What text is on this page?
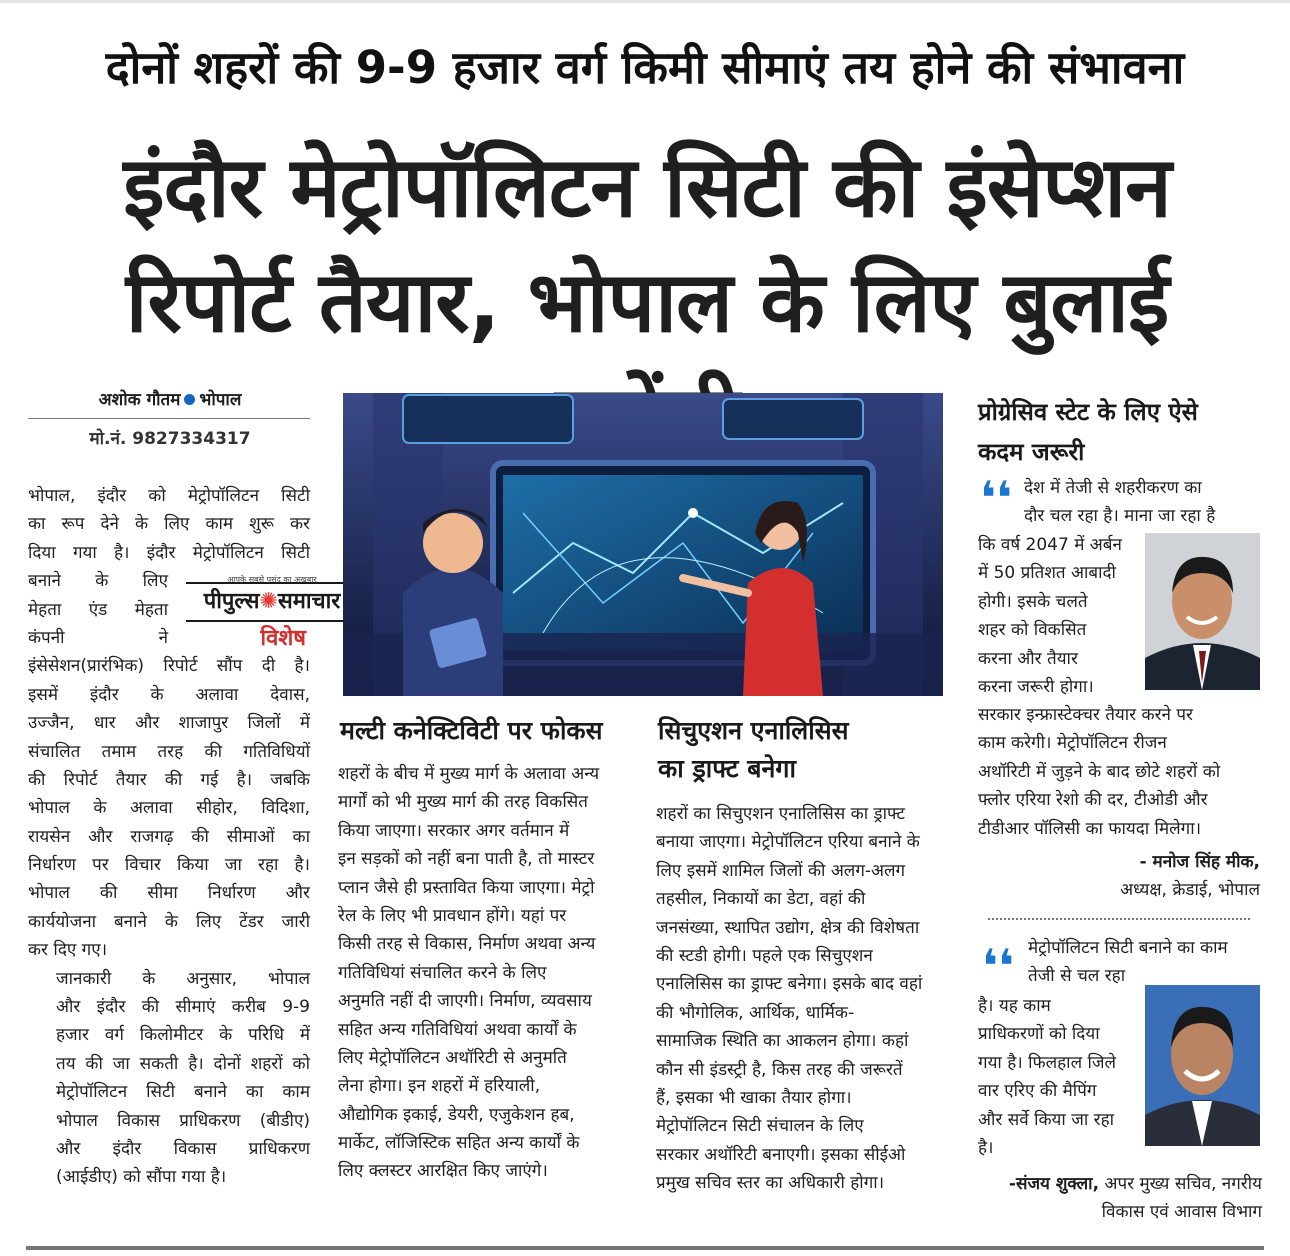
दोनों शहरों की 9-9 हजार वर्ग किमी सीमाएं तय होने की संभावना
इंदौर मेट्रोपॉलिटन सिटी की इंसेप्शन
रिपोर्ट तैयार, भोपाल के लिए बुलाई
अशोक गौतम भोपाल
मो.नं. 9827334317
भोपाल, इंदौर को मेट्रोपॉलिटन सिटी
का रूप देने के लिए काम शुरू कर
दिया गया है। इंदौर मेट्रोपॉलिटन सिटी
बनाने के लिए
मेहता एंड मेहता
कंपनी ने
इंसेसेशन(प्रारंभिक) रिपोर्ट सौंप दी है।
इसमें इंदौर के अलावा देवास,
उज्जैन, धार और शाजापुर जिलों में
संचालित तमाम तरह की गतिविधियों
की रिपोर्ट तैयार की गई है। जबकि
भोपाल के अलावा सीहोर, विदिशा,
रायसेन और राजगढ़ की सीमाओं का
निर्धारण पर विचार किया जा रहा है।
भोपाल की सीमा निर्धारण और
कार्ययोजना बनाने के लिए टेंडर जारी
कर दिए गए।
जानकारी के अनुसार, भोपाल
और इंदौर की सीमाएं करीब 9-9
हजार वर्ग किलोमीटर के परिधि में
तय की जा सकती है। दोनों शहरों को
मेट्रोपॉलिटन सिटी बनाने का काम
भोपाल विकास प्राधिकरण (बीडीए)
और इंदौर विकास प्राधिकरण
(आईडीए) को सौंपा गया है।
आपके सबसे पसंद का अखबार
पीपुल्स✺समाचार
विशेष
मल्टी कनेक्टिविटी पर फोकस
शहरों के बीच में मुख्य मार्ग के अलावा अन्य
मार्गों को भी मुख्य मार्ग की तरह विकसित
किया जाएगा। सरकार अगर वर्तमान में
इन सड़कों को नहीं बना पाती है, तो मास्टर
प्लान जैसे ही प्रस्तावित किया जाएगा। मेट्रो
रेल के लिए भी प्रावधान होंगे। यहां पर
किसी तरह से विकास, निर्माण अथवा अन्य
गतिविधियां संचालित करने के लिए
अनुमति नहीं दी जाएगी। निर्माण, व्यवसाय
सहित अन्य गतिविधियां अथवा कार्यों के
लिए मेट्रोपॉलिटन अथॉरिटी से अनुमति
लेना होगा। इन शहरों में हरियाली,
औद्योगिक इकाई, डेयरी, एजुकेशन हब,
मार्केट, लॉजिस्टिक सहित अन्य कार्यों के
लिए क्लस्टर आरक्षित किए जाएंगे।
सिचुएशन एनालिसिस
का ड्राफ्ट बनेगा
शहरों का सिचुएशन एनालिसिस का ड्राफ्ट
बनाया जाएगा। मेट्रोपॉलिटन एरिया बनाने के
लिए इसमें शामिल जिलों की अलग-अलग
तहसील, निकायों का डेटा, वहां की
जनसंख्या, स्थापित उद्योग, क्षेत्र की विशेषता
की स्टडी होगी। पहले एक सिचुएशन
एनालिसिस का ड्राफ्ट बनेगा। इसके बाद वहां
की भौगोलिक, आर्थिक, धार्मिक-
सामाजिक स्थिति का आकलन होगा। कहां
कौन सी इंडस्ट्री है, किस तरह की जरूरतें
हैं, इसका भी खाका तैयार होगा।
मेट्रोपॉलिटन सिटी संचालन के लिए
सरकार अथॉरिटी बनाएगी। इसका सीईओ
प्रमुख सचिव स्तर का अधिकारी होगा।
प्रोग्रेसिव स्टेट के लिए ऐसे
कदम जरूरी
❛❛ देश में तेजी से शहरीकरण का
दौर चल रहा है। माना जा रहा है
कि वर्ष 2047 में अर्बन
में 50 प्रतिशत आबादी
होगी। इसके चलते
शहर को विकसित
करना और तैयार
करना जरूरी होगा।
सरकार इन्फ्रास्टेक्चर तैयार करने पर
काम करेगी। मेट्रोपॉलिटन रीजन
अथॉरिटी में जुड़ने के बाद छोटे शहरों को
फ्लोर एरिया रेशो की दर, टीओडी और
टीडीआर पॉलिसी का फायदा मिलेगा।
- मनोज सिंह मीक,
अध्यक्ष, क्रेडाई, भोपाल
❛❛ मेट्रोपॉलिटन सिटी बनाने का काम
तेजी से चल रहा
है। यह काम
प्राधिकरणों को दिया
गया है। फिलहाल जिले
वार एरिए की मैपिंग
और सर्वे किया जा रहा
है।
-संजय शुक्ला, अपर मुख्य सचिव, नगरीय
विकास एवं आवास विभाग
